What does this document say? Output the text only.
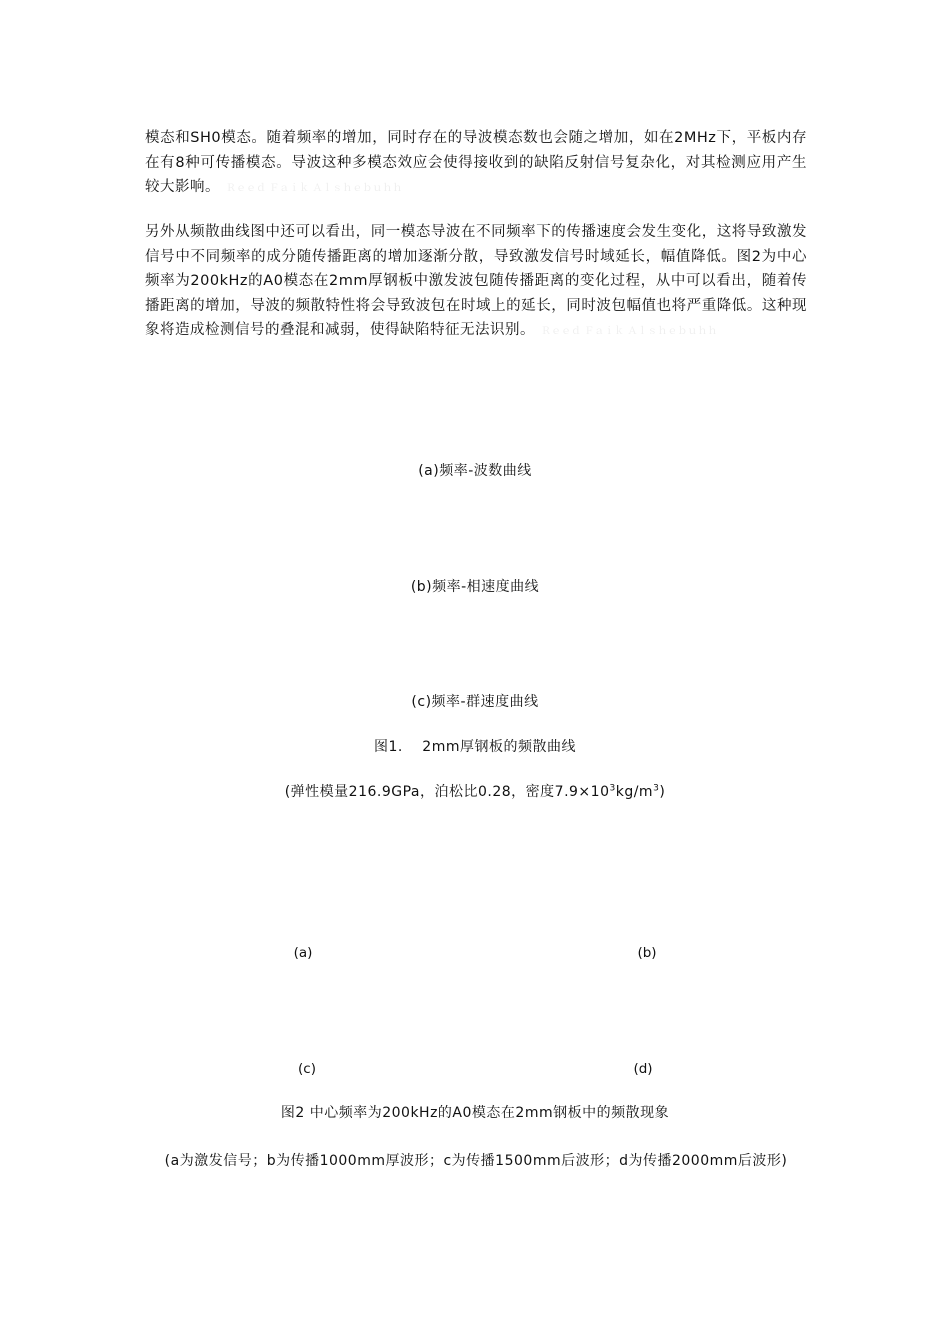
模态和SH0模态。随着频率的增加，同时存在的导波模态数也会随之增加，如在2MHz下，平板内存在有8种可传播模态。导波这种多模态效应会使得接收到的缺陷反射信号复杂化，对其检测应用产生较大影响。 Ｒｅｅｄ Ｆａｉｋ Ａｌｓｈｅｂｕｈｈ
另外从频散曲线图中还可以看出，同一模态导波在不同频率下的传播速度会发生变化，这将导致激发信号中不同频率的成分随传播距离的增加逐渐分散，导致激发信号时域延长，幅值降低。图2为中心频率为200kHz的A0模态在2mm厚钢板中激发波包随传播距离的变化过程，从中可以看出，随着传播距离的增加，导波的频散特性将会导致波包在时域上的延长，同时波包幅值也将严重降低。这种现象将造成检测信号的叠混和减弱，使得缺陷特征无法识别。 Ｒｅｅｄ Ｆａｉｋ Ａｌｓｈｅｂｕｈｈ
(a)频率-波数曲线
(b)频率-相速度曲线
(c)频率-群速度曲线
图1.　 2mm厚钢板的频散曲线
(弹性模量216.9GPa，泊松比0.28，密度$7.9\times 10^3kg/m^3$)
(a)	(b)
(c)	(d)
图2 中心频率为200kHz的A0模态在2mm钢板中的频散现象
(a为激发信号；b为传播1000mm厚波形；c为传播1500mm后波形；d为传播2000mm后波形)
